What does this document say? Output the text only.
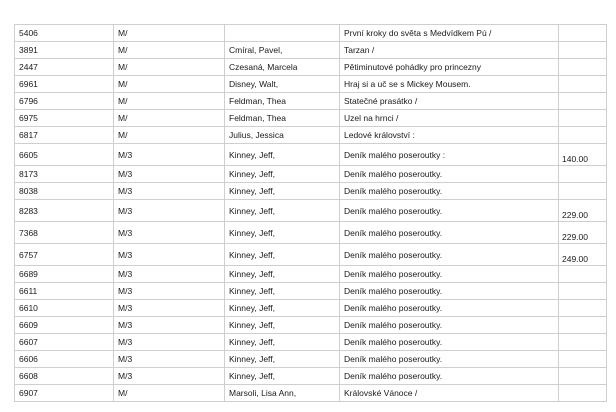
5406	M/		První kroky do světa s Medvídkem Pú /	
3891	M/	Cmíral, Pavel,	Tarzan /	
2447	M/	Czesaná, Marcela	Pětiminutové pohádky pro princezny	
6961	M/	Disney, Walt,	Hraj si a uč se s Mickey Mousem.	
6796	M/	Feldman, Thea	Statečné prasátko /	
6975	M/	Feldman, Thea	Uzel na hrnci /	
6817	M/	Julius, Jessica	Ledové království :	
6605	M/3	Kinney, Jeff,	Deník malého poseroutky :	140.00
8173	M/3	Kinney, Jeff,	Deník malého poseroutky.	
8038	M/3	Kinney, Jeff,	Deník malého poseroutky.	
8283	M/3	Kinney, Jeff,	Deník malého poseroutky.	229.00
7368	M/3	Kinney, Jeff,	Deník malého poseroutky.	229.00
6757	M/3	Kinney, Jeff,	Deník malého poseroutky.	249.00
6689	M/3	Kinney, Jeff,	Deník malého poseroutky.	
6611	M/3	Kinney, Jeff,	Deník malého poseroutky.	
6610	M/3	Kinney, Jeff,	Deník malého poseroutky.	
6609	M/3	Kinney, Jeff,	Deník malého poseroutky.	
6607	M/3	Kinney, Jeff,	Deník malého poseroutky.	
6606	M/3	Kinney, Jeff,	Deník malého poseroutky.	
6608	M/3	Kinney, Jeff,	Deník malého poseroutky.	
6907	M/	Marsoli, Lisa Ann,	Královské Vánoce /	
